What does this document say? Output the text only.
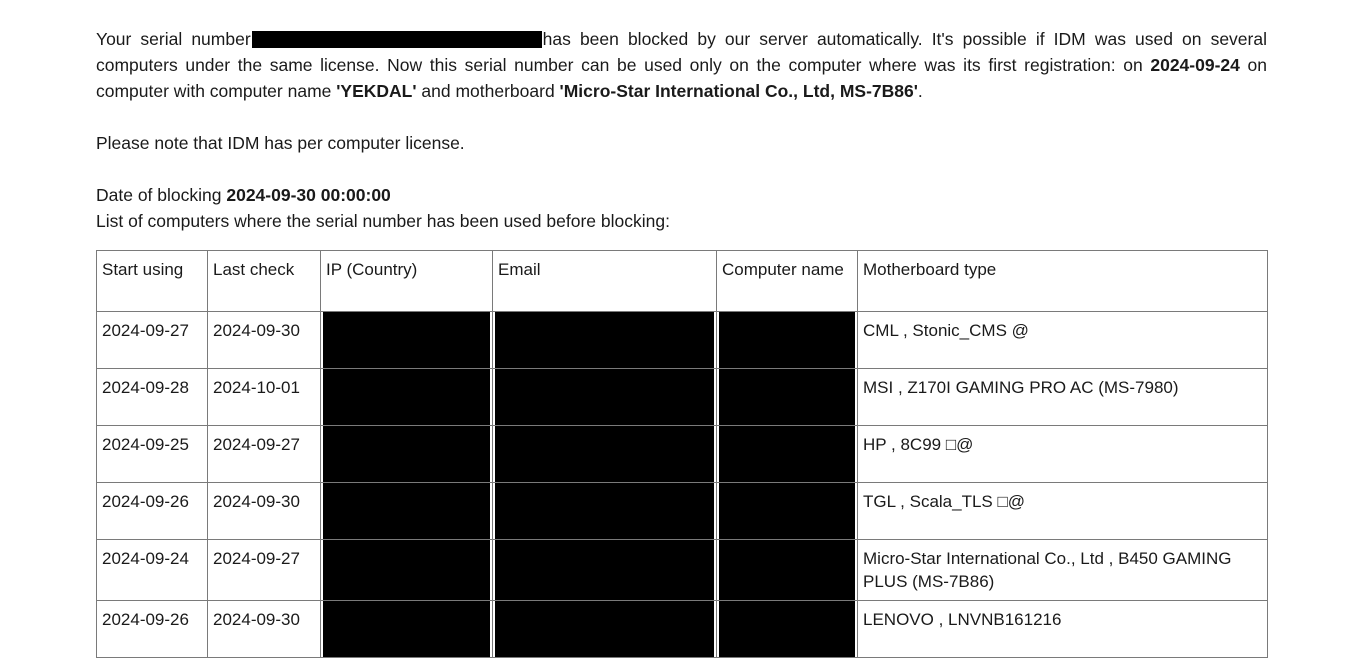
Your serial number	has been blocked by our server automatically. It's possible if IDM was used on several computers under the same license. Now this serial number can be used only on the computer where was its first registration: on 2024-09-24 on computer with computer name 'YEKDAL' and motherboard 'Micro-Star International Co., Ltd, MS-7B86'.

Please note that IDM has per computer license.

Date of blocking 2024-09-30 00:00:00

List of computers where the serial number has been used before blocking:

Start using	Last check	IP (Country)	Email	Computer name	Motherboard type
2024-09-27	2024-09-30				CML , Stonic_CMS @
2024-09-28	2024-10-01				MSI , Z170I GAMING PRO AC (MS-7980)
2024-09-25	2024-09-27				HP , 8C99 □@
2024-09-26	2024-09-30				TGL , Scala_TLS □@
2024-09-24	2024-09-27				Micro-Star International Co., Ltd , B450 GAMING PLUS (MS-7B86)
2024-09-26	2024-09-30				LENOVO , LNVNB161216
